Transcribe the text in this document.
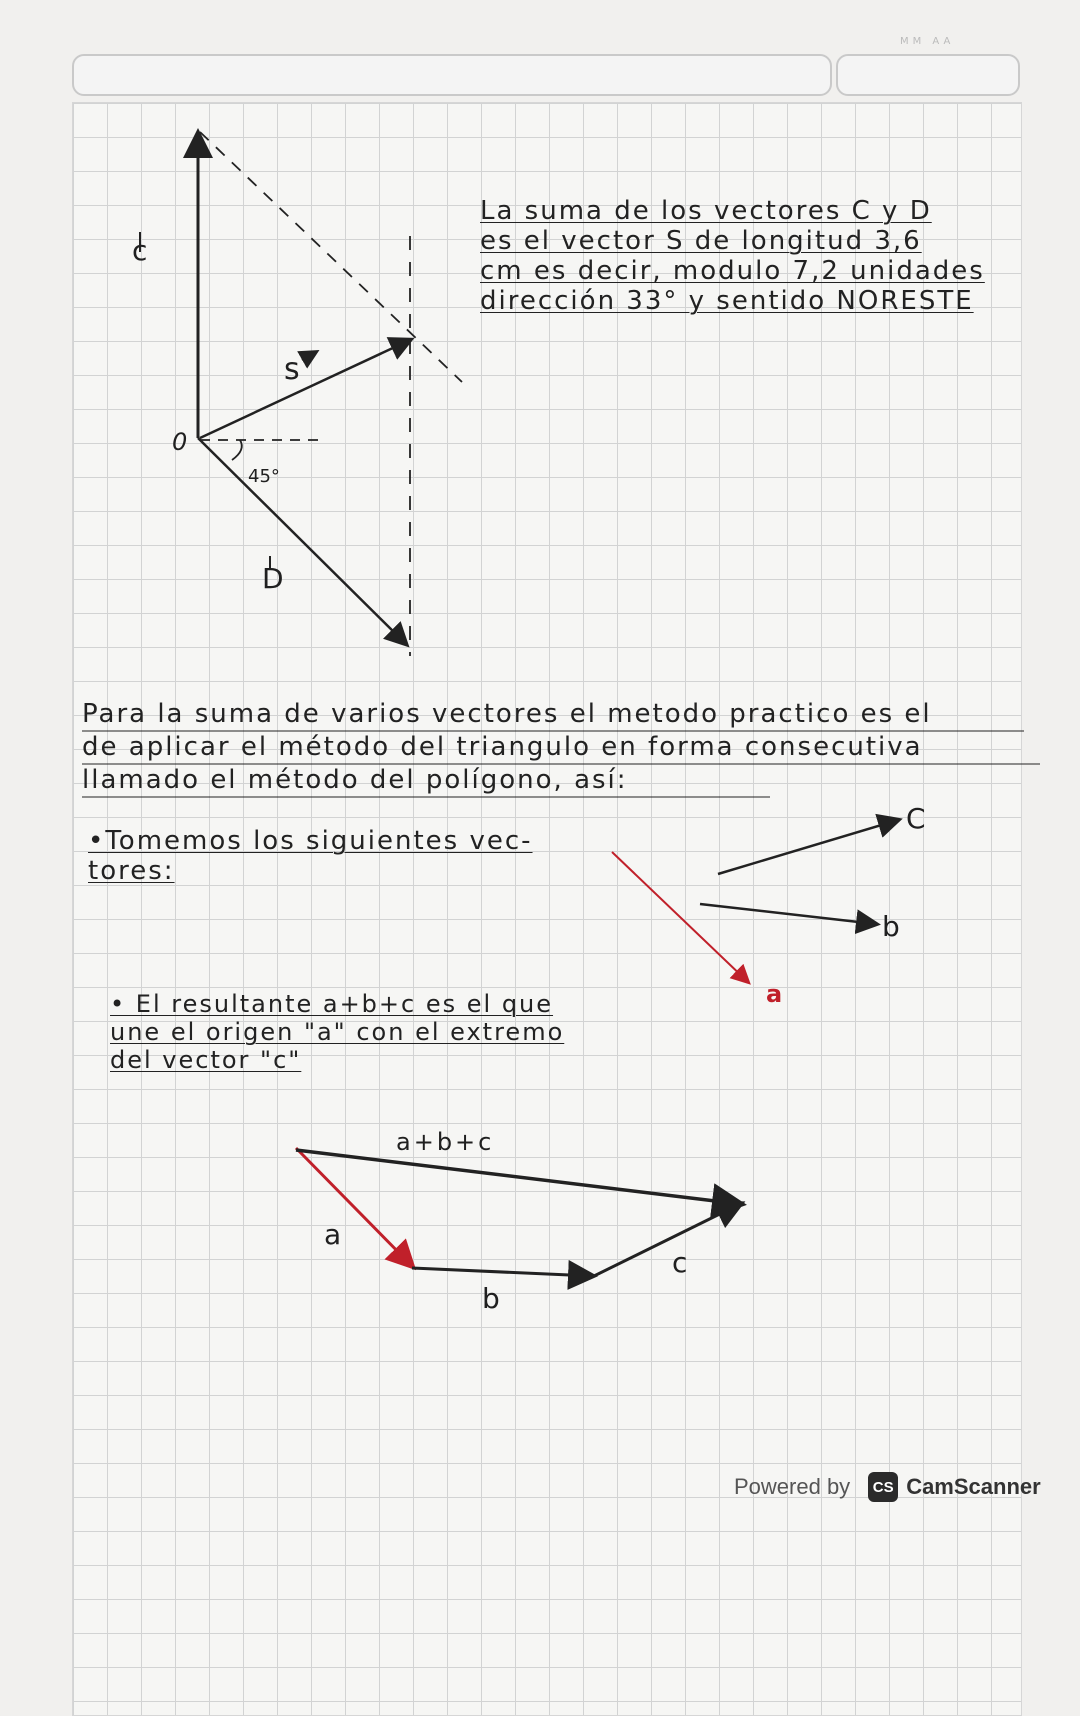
MM AA
c
s
D
0
45°
La suma de los vectores C y D
es el vector S de longitud 3,6
cm es decir, modulo 7,2 unidades
dirección 33° y sentido NORESTE
Para la suma de varios vectores el metodo practico es el
de aplicar el método del triangulo en forma consecutiva
llamado el método del polígono, así:
•Tomemos los siguientes vec-
tores:
C
b
a
• El resultante a+b+c es el que
une el origen "a" con el extremo
del vector "c"
a+b+c
a
b
c
Powered by	CS CamScanner
